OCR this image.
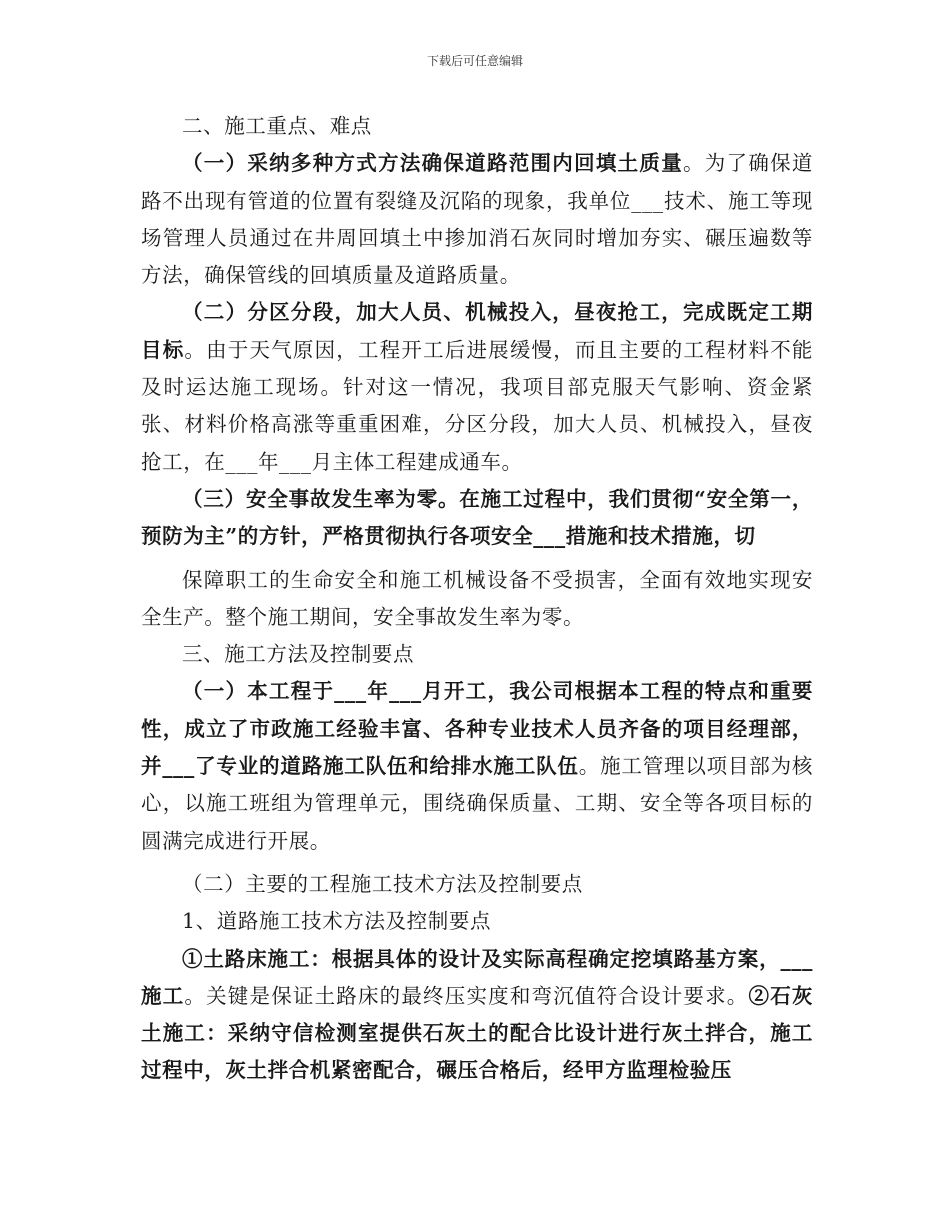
下载后可任意编辑

二、施工重点、难点

（一）采纳多种方式方法确保道路范围内回填土质量。为了确保道路不出现有管道的位置有裂缝及沉陷的现象，我单位___技术、施工等现场管理人员通过在井周回填土中掺加消石灰同时增加夯实、碾压遍数等方法，确保管线的回填质量及道路质量。

（二）分区分段，加大人员、机械投入，昼夜抢工，完成既定工期目标。由于天气原因，工程开工后进展缓慢，而且主要的工程材料不能及时运达施工现场。针对这一情况，我项目部克服天气影响、资金紧张、材料价格高涨等重重困难，分区分段，加大人员、机械投入，昼夜抢工，在___年___月主体工程建成通车。

（三）安全事故发生率为零。在施工过程中，我们贯彻“安全第一，预防为主”的方针，严格贯彻执行各项安全___措施和技术措施，切

保障职工的生命安全和施工机械设备不受损害，全面有效地实现安全生产。整个施工期间，安全事故发生率为零。

三、施工方法及控制要点

（一）本工程于___年___月开工，我公司根据本工程的特点和重要性，成立了市政施工经验丰富、各种专业技术人员齐备的项目经理部，并___了专业的道路施工队伍和给排水施工队伍。施工管理以项目部为核心，以施工班组为管理单元，围绕确保质量、工期、安全等各项目标的圆满完成进行开展。

（二）主要的工程施工技术方法及控制要点

1、道路施工技术方法及控制要点

①土路床施工：根据具体的设计及实际高程确定挖填路基方案，___施工。关键是保证土路床的最终压实度和弯沉值符合设计要求。②石灰土施工：采纳守信检测室提供石灰土的配合比设计进行灰土拌合，施工过程中，灰土拌合机紧密配合，碾压合格后，经甲方监理检验压
